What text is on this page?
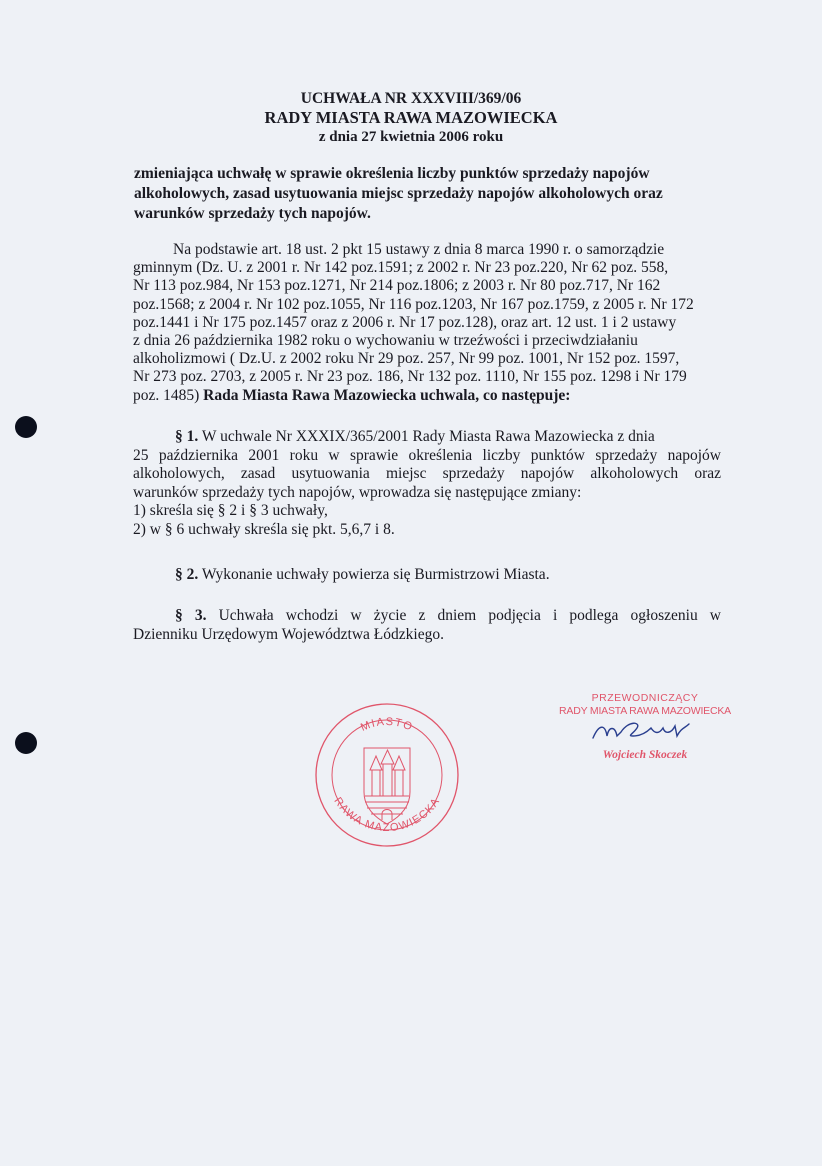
UCHWAŁA NR XXXVIII/369/06
RADY MIASTA RAWA MAZOWIECKA
z dnia 27 kwietnia 2006 roku
zmieniająca uchwałę w sprawie określenia liczby punktów sprzedaży napojów
alkoholowych, zasad usytuowania miejsc sprzedaży napojów alkoholowych oraz
warunków sprzedaży tych napojów.
Na podstawie art. 18 ust. 2 pkt 15 ustawy z dnia 8 marca 1990 r. o samorządzie
gminnym (Dz. U. z 2001 r. Nr 142 poz.1591; z 2002 r. Nr 23 poz.220, Nr 62 poz. 558,
Nr 113 poz.984, Nr 153 poz.1271, Nr 214 poz.1806; z 2003 r. Nr 80 poz.717, Nr 162
poz.1568; z 2004 r. Nr 102 poz.1055, Nr 116 poz.1203, Nr 167 poz.1759, z 2005 r. Nr 172
poz.1441 i Nr 175 poz.1457 oraz z 2006 r. Nr 17 poz.128), oraz art. 12 ust. 1 i 2 ustawy
z dnia 26 października 1982 roku o wychowaniu w trzeźwości i przeciwdziałaniu
alkoholizmowi ( Dz.U. z 2002 roku Nr 29 poz. 257, Nr 99 poz. 1001, Nr 152 poz. 1597,
Nr 273 poz. 2703, z 2005 r. Nr 23 poz. 186, Nr 132 poz. 1110, Nr 155 poz. 1298 i Nr 179
poz. 1485) Rada Miasta Rawa Mazowiecka uchwala, co następuje:
§ 1. W uchwale Nr XXXIX/365/2001 Rady Miasta Rawa Mazowiecka z dnia
25 października 2001 roku w sprawie określenia liczby punktów sprzedaży napojów
alkoholowych, zasad usytuowania miejsc sprzedaży napojów alkoholowych oraz
warunków sprzedaży tych napojów, wprowadza się następujące zmiany:
1) skreśla się § 2 i § 3 uchwały,
2) w § 6 uchwały skreśla się pkt. 5,6,7 i 8.
§ 2. Wykonanie uchwały powierza się Burmistrzowi Miasta.
§ 3. Uchwała wchodzi w życie z dniem podjęcia i podlega ogłoszeniu w
Dzienniku Urzędowym Województwa Łódzkiego.
PRZEWODNICZĄCY
RADY MIASTA RAWA MAZOWIECKA
Wojciech Skoczek
MIASTO
RAWA MAZOWIECKA
